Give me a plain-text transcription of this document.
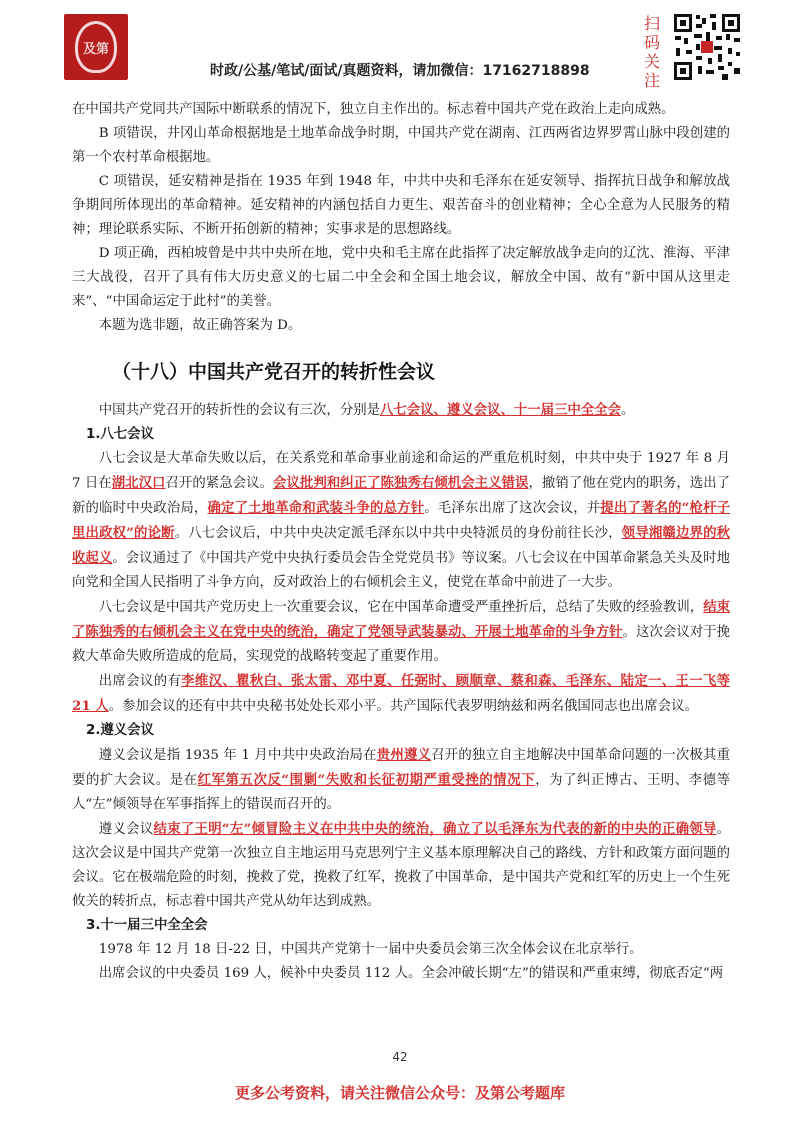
及第
时政/公基/笔试/面试/真题资料，请加微信：17162718898
扫码关注

在中国共产党同共产国际中断联系的情况下，独立自主作出的。标志着中国共产党在政治上走向成熟。

B 项错误，井冈山革命根据地是土地革命战争时期，中国共产党在湖南、江西两省边界罗霄山脉中段创建的第一个农村革命根据地。

C 项错误，延安精神是指在 1935 年到 1948 年，中共中央和毛泽东在延安领导、指挥抗日战争和解放战争期间所体现出的革命精神。延安精神的内涵包括自力更生、艰苦奋斗的创业精神；全心全意为人民服务的精神；理论联系实际、不断开拓创新的精神；实事求是的思想路线。

D 项正确，西柏坡曾是中共中央所在地，党中央和毛主席在此指挥了决定解放战争走向的辽沈、淮海、平津三大战役，召开了具有伟大历史意义的七届二中全会和全国土地会议，解放全中国、故有“新中国从这里走来”、“中国命运定于此村”的美誉。

本题为选非题，故正确答案为 D。

（十八）中国共产党召开的转折性会议

中国共产党召开的转折性的会议有三次，分别是八七会议、遵义会议、十一届三中全全会。

1.八七会议

八七会议是大革命失败以后，在关系党和革命事业前途和命运的严重危机时刻，中共中央于 1927 年 8 月 7 日在湖北汉口召开的紧急会议。会议批判和纠正了陈独秀右倾机会主义错误，撤销了他在党内的职务，选出了新的临时中央政治局，确定了土地革命和武装斗争的总方针。毛泽东出席了这次会议，并提出了著名的“枪杆子里出政权”的论断。八七会议后，中共中央决定派毛泽东以中共中央特派员的身份前往长沙，领导湘赣边界的秋收起义。会议通过了《中国共产党中央执行委员会告全党党员书》等议案。八七会议在中国革命紧急关头及时地向党和全国人民指明了斗争方向，反对政治上的右倾机会主义，使党在革命中前进了一大步。

八七会议是中国共产党历史上一次重要会议，它在中国革命遭受严重挫折后，总结了失败的经验教训，结束了陈独秀的右倾机会主义在党中央的统治，确定了党领导武装暴动、开展土地革命的斗争方针。这次会议对于挽救大革命失败所造成的危局，实现党的战略转变起了重要作用。

出席会议的有李维汉、瞿秋白、张太雷、邓中夏、任弼时、顾顺章、蔡和森、毛泽东、陆定一、王一飞等 21 人。参加会议的还有中共中央秘书处处长邓小平。共产国际代表罗明纳兹和两名俄国同志也出席会议。

2.遵义会议

遵义会议是指 1935 年 1 月中共中央政治局在贵州遵义召开的独立自主地解决中国革命问题的一次极其重要的扩大会议。是在红军第五次反“围剿”失败和长征初期严重受挫的情况下，为了纠正博古、王明、李德等人“左”倾领导在军事指挥上的错误而召开的。

遵义会议结束了王明“左”倾冒险主义在中共中央的统治，确立了以毛泽东为代表的新的中央的正确领导。这次会议是中国共产党第一次独立自主地运用马克思列宁主义基本原理解决自己的路线、方针和政策方面问题的会议。它在极端危险的时刻，挽救了党，挽救了红军，挽救了中国革命，是中国共产党和红军的历史上一个生死攸关的转折点，标志着中国共产党从幼年达到成熟。

3.十一届三中全全会

1978 年 12 月 18 日-22 日，中国共产党第十一届中央委员会第三次全体会议在北京举行。

出席会议的中央委员 169 人，候补中央委员 112 人。全会冲破长期“左”的错误和严重束缚，彻底否定“两

42
更多公考资料，请关注微信公众号：及第公考题库
